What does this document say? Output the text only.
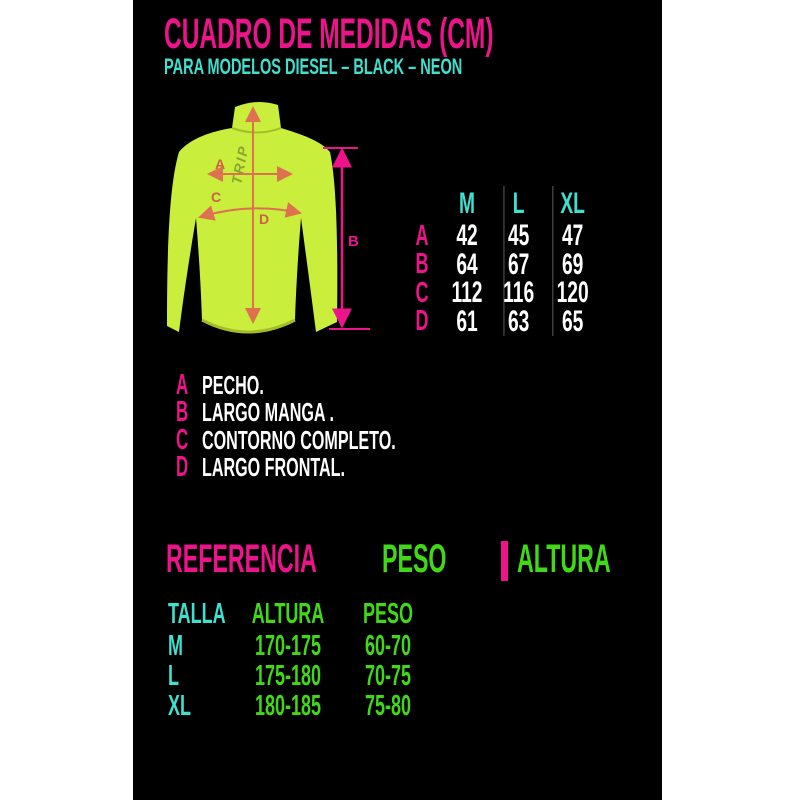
CUADRO DE MEDIDAS (CM)
PARA MODELOS DIESEL – BLACK – NEON
TRIP
A
C
D
B
M	L XL
A 42 45	47
B 64 67	69
C 112 116 120
D 61 63	65
A PECHO.
B LARGO MANGA .
C CONTORNO COMPLETO.
D LARGO FRONTAL.
REFERENCIA PESO ALTURA
TALLA ALTURA PESO
M	170-175 60-70
L	175-180 70-75
XL	180-185 75-80
